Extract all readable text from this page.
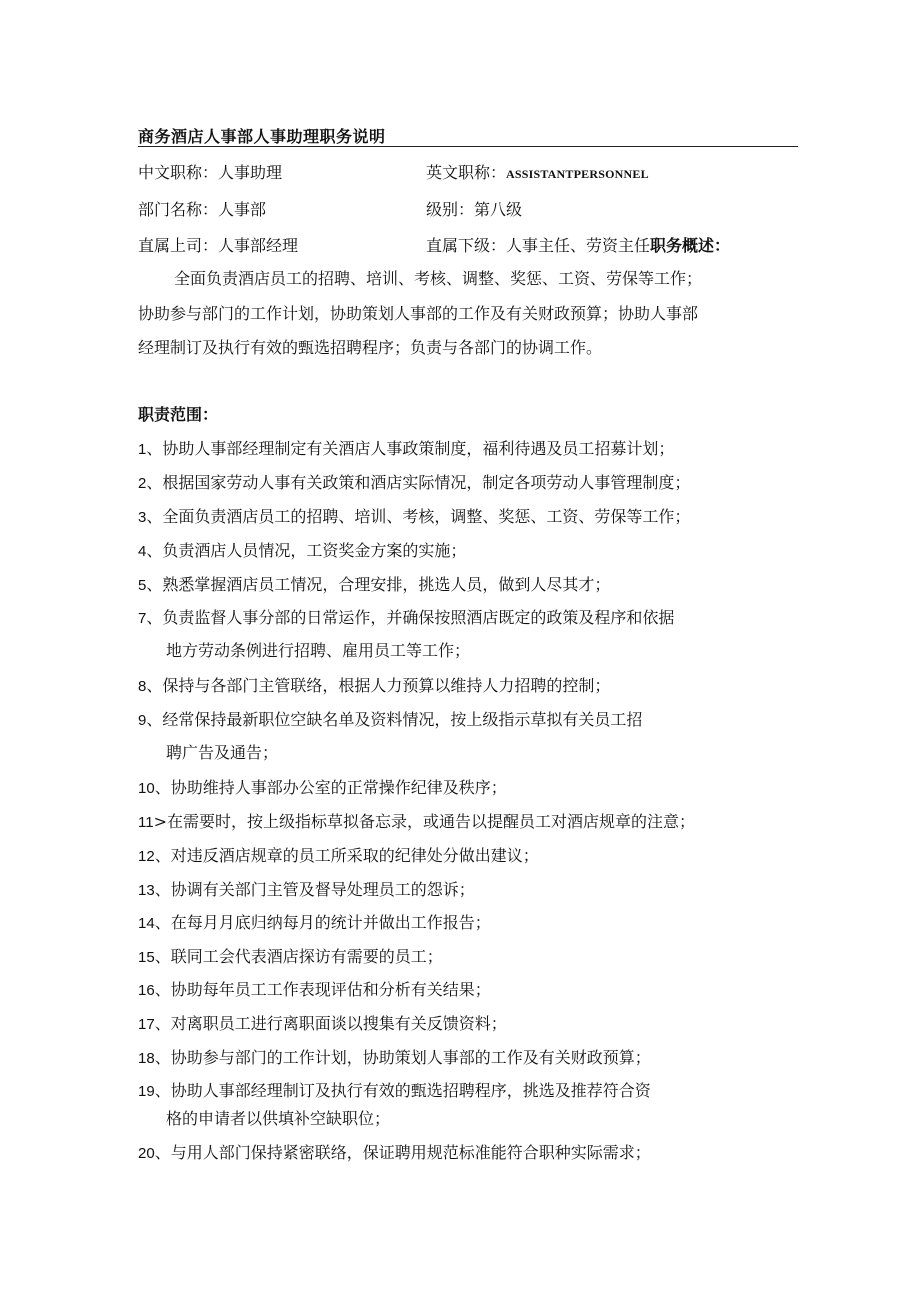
商务酒店人事部人事助理职务说明
中文职称：人事助理	英文职称：ASSISTANTPERSONNEL
部门名称：人事部	级别：第八级
直属上司：人事部经理	直属下级：人事主任、劳资主任职务概述：
全面负责酒店员工的招聘、培训、考核、调整、奖惩、工资、劳保等工作；
协助参与部门的工作计划，协助策划人事部的工作及有关财政预算；协助人事部
经理制订及执行有效的甄选招聘程序；负责与各部门的协调工作。
职责范围：
1、协助人事部经理制定有关酒店人事政策制度，福利待遇及员工招募计划；
2、根据国家劳动人事有关政策和酒店实际情况，制定各项劳动人事管理制度；
3、全面负责酒店员工的招聘、培训、考核，调整、奖惩、工资、劳保等工作；
4、负责酒店人员情况，工资奖金方案的实施；
5、熟悉掌握酒店员工情况，合理安排，挑选人员，做到人尽其才；
7、负责监督人事分部的日常运作，并确保按照酒店既定的政策及程序和依据
地方劳动条例进行招聘、雇用员工等工作；
8、保持与各部门主管联络，根据人力预算以维持人力招聘的控制；
9、经常保持最新职位空缺名单及资料情况，按上级指示草拟有关员工招
聘广告及通告；
10、协助维持人事部办公室的正常操作纪律及秩序；
11>在需要时，按上级指标草拟备忘录，或通告以提醒员工对酒店规章的注意；
12、对违反酒店规章的员工所采取的纪律处分做出建议；
13、协调有关部门主管及督导处理员工的怨诉；
14、在每月月底归纳每月的统计并做出工作报告；
15、联同工会代表酒店探访有需要的员工；
16、协助每年员工工作表现评估和分析有关结果；
17、对离职员工进行离职面谈以搜集有关反馈资料；
18、协助参与部门的工作计划，协助策划人事部的工作及有关财政预算；
19、协助人事部经理制订及执行有效的甄选招聘程序，挑选及推荐符合资
格的申请者以供填补空缺职位；
20、与用人部门保持紧密联络，保证聘用规范标准能符合职种实际需求；
